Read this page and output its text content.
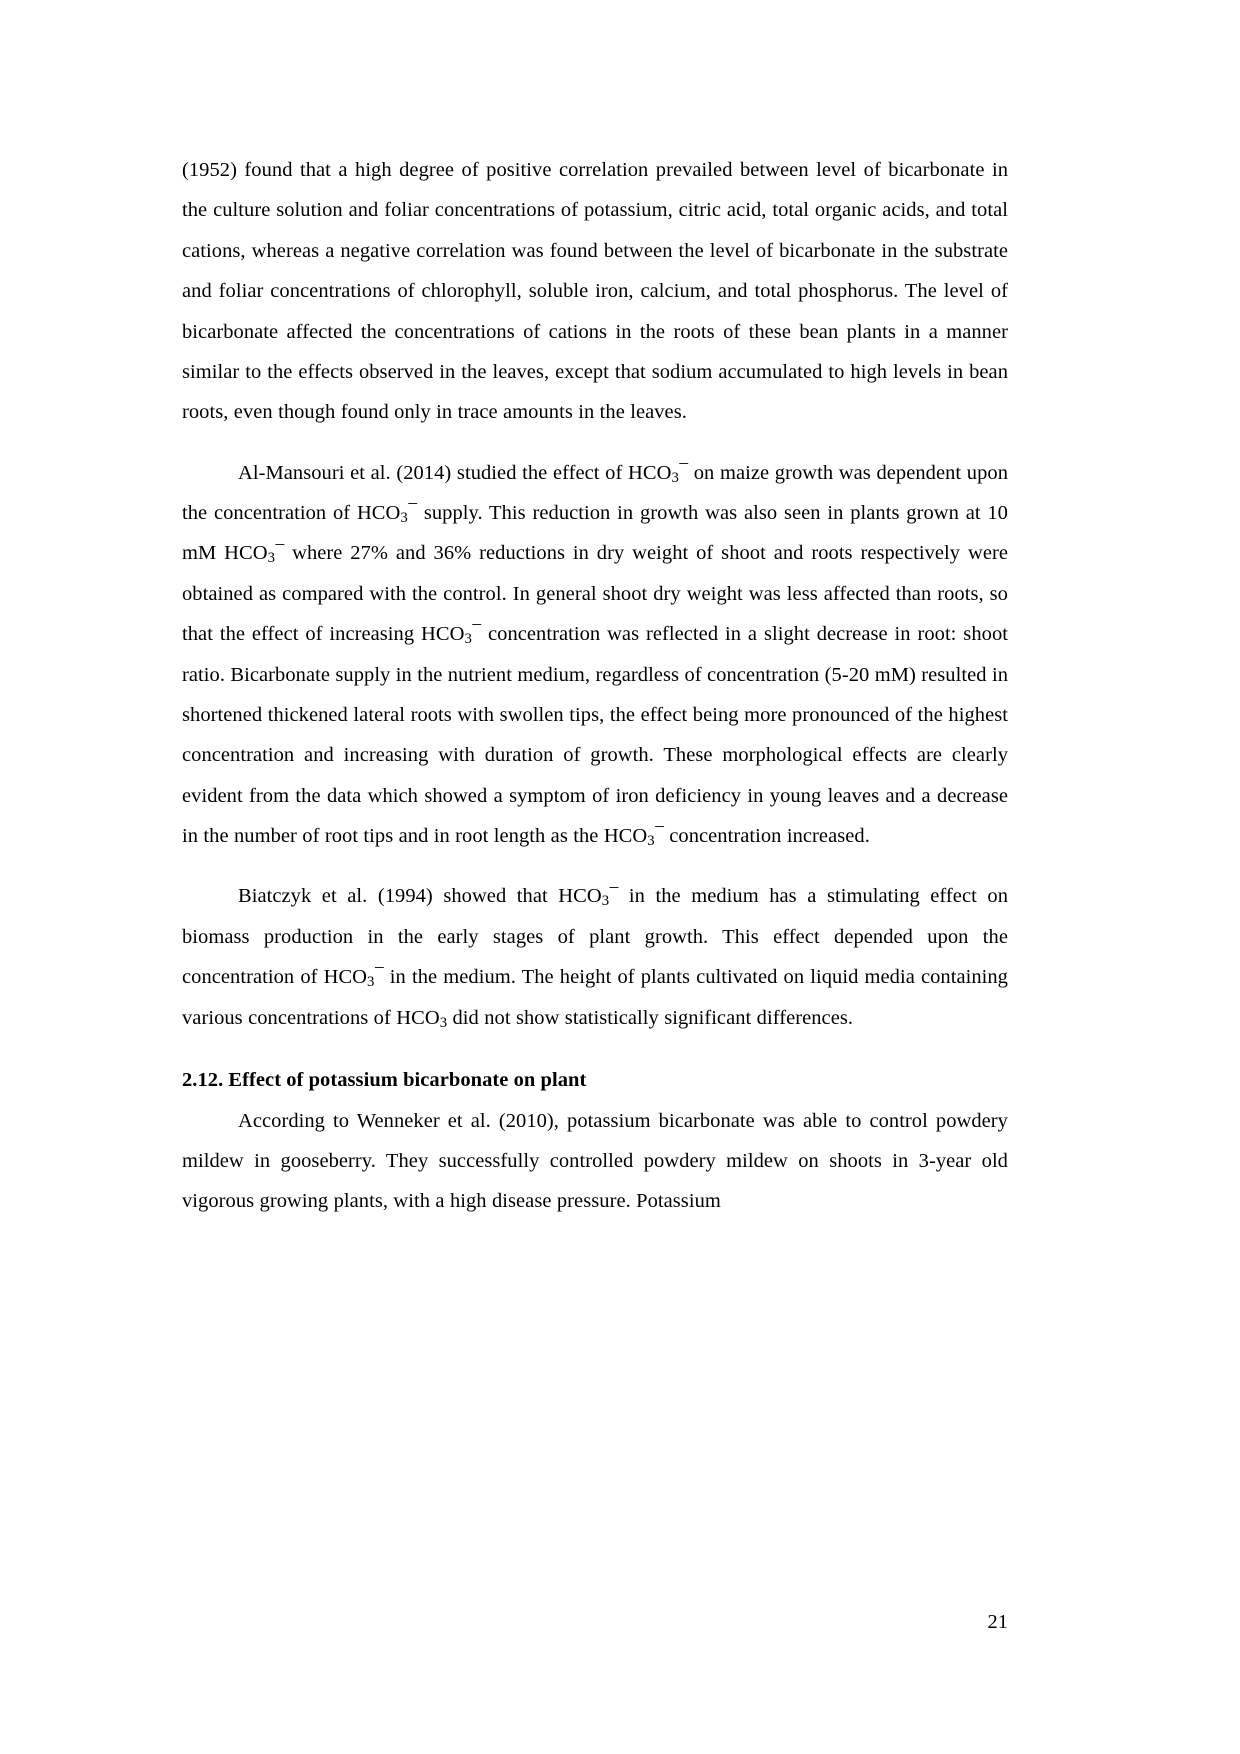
(1952) found that a high degree of positive correlation prevailed between level of bicarbonate in the culture solution and foliar concentrations of potassium, citric acid, total organic acids, and total cations, whereas a negative correlation was found between the level of bicarbonate in the substrate and foliar concentrations of chlorophyll, soluble iron, calcium, and total phosphorus. The level of bicarbonate affected the concentrations of cations in the roots of these bean plants in a manner similar to the effects observed in the leaves, except that sodium accumulated to high levels in bean roots, even though found only in trace amounts in the leaves.

Al-Mansouri et al. (2014) studied the effect of $HCO_3^-$ on maize growth was dependent upon the concentration of $HCO_3^-$ supply. This reduction in growth was also seen in plants grown at 10 mM $HCO_3^-$ where 27% and 36% reductions in dry weight of shoot and roots respectively were obtained as compared with the control. In general shoot dry weight was less affected than roots, so that the effect of increasing $HCO_3^-$ concentration was reflected in a slight decrease in root: shoot ratio. Bicarbonate supply in the nutrient medium, regardless of concentration (5-20 mM) resulted in shortened thickened lateral roots with swollen tips, the effect being more pronounced of the highest concentration and increasing with duration of growth. These morphological effects are clearly evident from the data which showed a symptom of iron deficiency in young leaves and a decrease in the number of root tips and in root length as the $HCO_3^-$ concentration increased.

Biatczyk et al. (1994) showed that $HCO_3^-$ in the medium has a stimulating effect on biomass production in the early stages of plant growth. This effect depended upon the concentration of $HCO_3^-$ in the medium. The height of plants cultivated on liquid media containing various concentrations of $HCO_3$ did not show statistically significant differences.

2.12. Effect of potassium bicarbonate on plant

According to Wenneker et al. (2010), potassium bicarbonate was able to control powdery mildew in gooseberry. They successfully controlled powdery mildew on shoots in 3-year old vigorous growing plants, with a high disease pressure. Potassium

21
